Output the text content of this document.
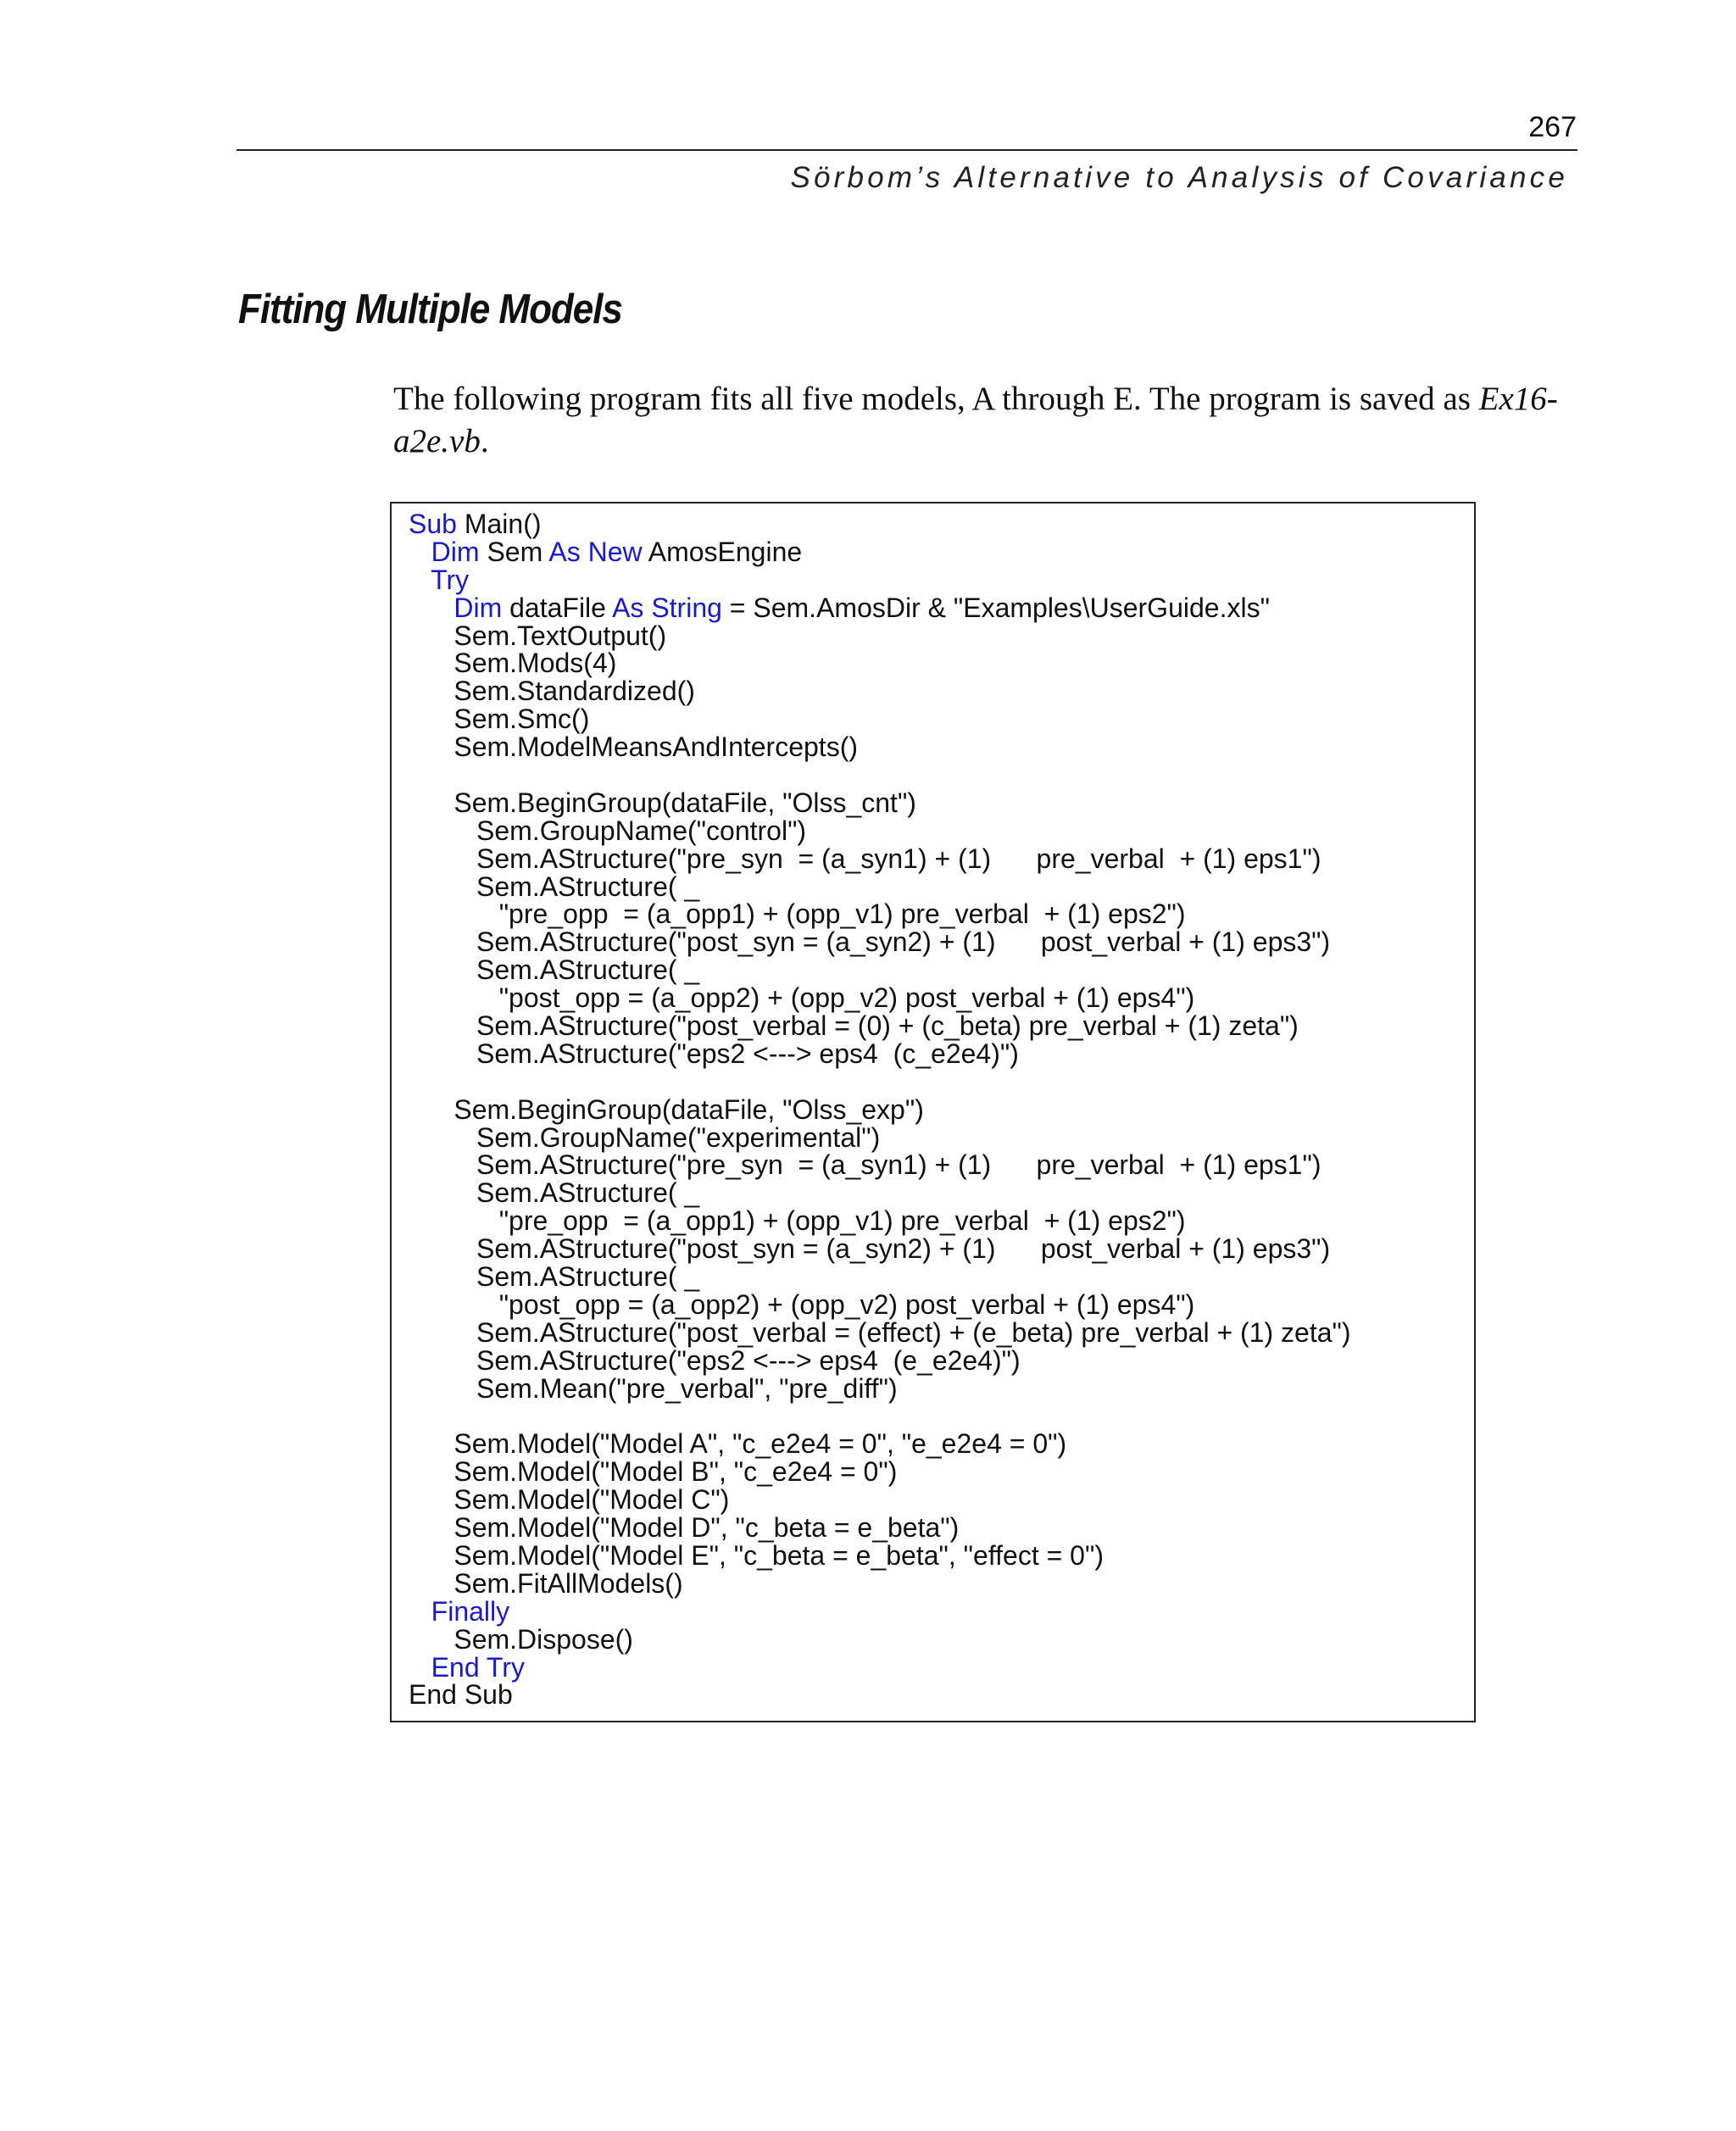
267
Sörbom’s Alternative to Analysis of Covariance
Fitting Multiple Models

The following program fits all five models, A through E. The program is saved as Ex16-a2e.vb.

Sub Main()
Dim Sem As New AmosEngine
Try
Dim dataFile As String = Sem.AmosDir & "Examples\UserGuide.xls"
Sem.TextOutput()
Sem.Mods(4)
Sem.Standardized()
Sem.Smc()
Sem.ModelMeansAndIntercepts()
Sem.BeginGroup(dataFile, "Olss_cnt")
Sem.GroupName("control")
Sem.AStructure("pre_syn  = (a_syn1) + (1)      pre_verbal  + (1) eps1")
Sem.AStructure( _
"pre_opp  = (a_opp1) + (opp_v1) pre_verbal  + (1) eps2")
Sem.AStructure("post_syn = (a_syn2) + (1)      post_verbal + (1) eps3")
Sem.AStructure( _
"post_opp = (a_opp2) + (opp_v2) post_verbal + (1) eps4")
Sem.AStructure("post_verbal = (0) + (c_beta) pre_verbal + (1) zeta")
Sem.AStructure("eps2 <---> eps4  (c_e2e4)")
Sem.BeginGroup(dataFile, "Olss_exp")
Sem.GroupName("experimental")
Sem.AStructure("pre_syn  = (a_syn1) + (1)      pre_verbal  + (1) eps1")
Sem.AStructure( _
"pre_opp  = (a_opp1) + (opp_v1) pre_verbal  + (1) eps2")
Sem.AStructure("post_syn = (a_syn2) + (1)      post_verbal + (1) eps3")
Sem.AStructure( _
"post_opp = (a_opp2) + (opp_v2) post_verbal + (1) eps4")
Sem.AStructure("post_verbal = (effect) + (e_beta) pre_verbal + (1) zeta")
Sem.AStructure("eps2 <---> eps4  (e_e2e4)")
Sem.Mean("pre_verbal", "pre_diff")
Sem.Model("Model A", "c_e2e4 = 0", "e_e2e4 = 0")
Sem.Model("Model B", "c_e2e4 = 0")
Sem.Model("Model C")
Sem.Model("Model D", "c_beta = e_beta")
Sem.Model("Model E", "c_beta = e_beta", "effect = 0")
Sem.FitAllModels()
Finally
Sem.Dispose()
End Try
End Sub
